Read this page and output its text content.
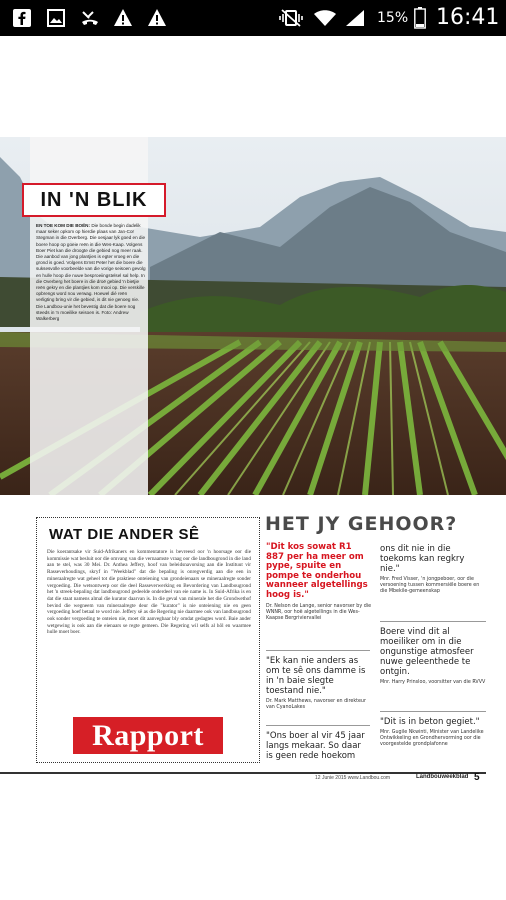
15% 16:41
IN 'N BLIK
EN TOE KOM DIE BOËN: Die bonde begin dadelik maar seker opkom op hierdie plaas van Jan-Cor Stegman in die Overberg. Die oesjaar lyk goed en die boere hoop op goeie reën in die Wes-Kaap. Volgens Boer Piet kan die droogte die gebied nog meer raak. Die aanbod van jong plantjies is egter vroeg en die grond is goed. Volgens Ernst Peter het die boere die suksesvolle voorbeelde van die vorige seisoen gevolg en hulle hoop die nuwe besproeiingstelsel sal help. In die Overberg het boere in die droë gebied 'n bietjie reën gekry en die plantjies kom mooi op. Die verskille opbrengs word nou verwag. Hoewel dié reën verligting bring vir die gebied, is dit nie genoeg nie. Die Landbou-unie het bevestig dat die boere nog steeds in 'n moeilike seisoen is. Foto: Andrew Walkerberg
WAT DIE ANDER SÊ
Die koerantsake vir Suid-Afrikaners en kommentatore is bevreesd oor 'n hoorsage oor die kommissie wat besluit oor die omvang van die vernaamste vraag oor die landbougrond in die land aan te stel, was 30 Mei. Dr. Anthea Jeffery, hoof van beleidsnavorsing aan die Instituut vir Rasseverhoudings, skryf in "Weekblad" dat die bepaling is onregverdig aan die een in mineraalregte wat geheel tot die praktiese onteiening van grondeienaars se mineraalregte sonder vergoeding. Die wetsontwerp oor die deel Rasseverwerking en Bevordering van Landbougrond het 'n streek-bepaling dat landbougrond gedeelde onderdeel van eie name is. In Suid-Afrika is en dat die staat namens almal die kurator daarvan is. In die geval van minerale het die Grondwethof bevind die wegneem van mineraalregte deur die "kurator" is nie onteiening nie en geen vergoeding hoef betaal te word nie. Jeffery sê as die Regering nie daarmee ook van landbougrond ook sonder vergoeding te onteien nie, moet dit aanvegbaar bly omdat gedagtes word. Baie ander wetgewing is ook aan die eienaars se regte gemeen. Die Regering wil selfs al hôl en waarmee hulle moet boer.
Rapport
HET JY GEHOOR?
"Dit kos sowat R1 887 per ha meer om pype, spuite en pompe te onderhou wanneer algetellings hoog is."
Dr. Nelson de Lange, senior navorser by die WNNR, oor hoë algetellings in die Wes-Kaapse Bergriviervallei
"Ek kan nie anders as om te sê ons damme is in 'n baie slegte toestand nie."
Dr. Mark Matthews, navorser en direkteur van CyanoLakes
"Ons boer al vir 45 jaar langs mekaar. So daar is geen rede hoekom
ons dit nie in die toekoms kan regkry nie."
Mnr. Fred Visser, 'n jongpeboer, oor die versoening tussen kommersiële boere en die Mbekile-gemeenskap
Boere vind dit al moeiliker om in die ongunstige atmosfeer nuwe geleenthede te ontgin.
Mnr. Harry Prinsloo, voorsitter van die RVVV
"Dit is in beton gegiet."
Mnr. Gugile Nkwinti, Minister van Landelike Ontwikkeling en Grondhervorming oor die voorgestelde grondplafonne
12 Junie 2015 www.Landbou.com	Landbouweekblad 5
